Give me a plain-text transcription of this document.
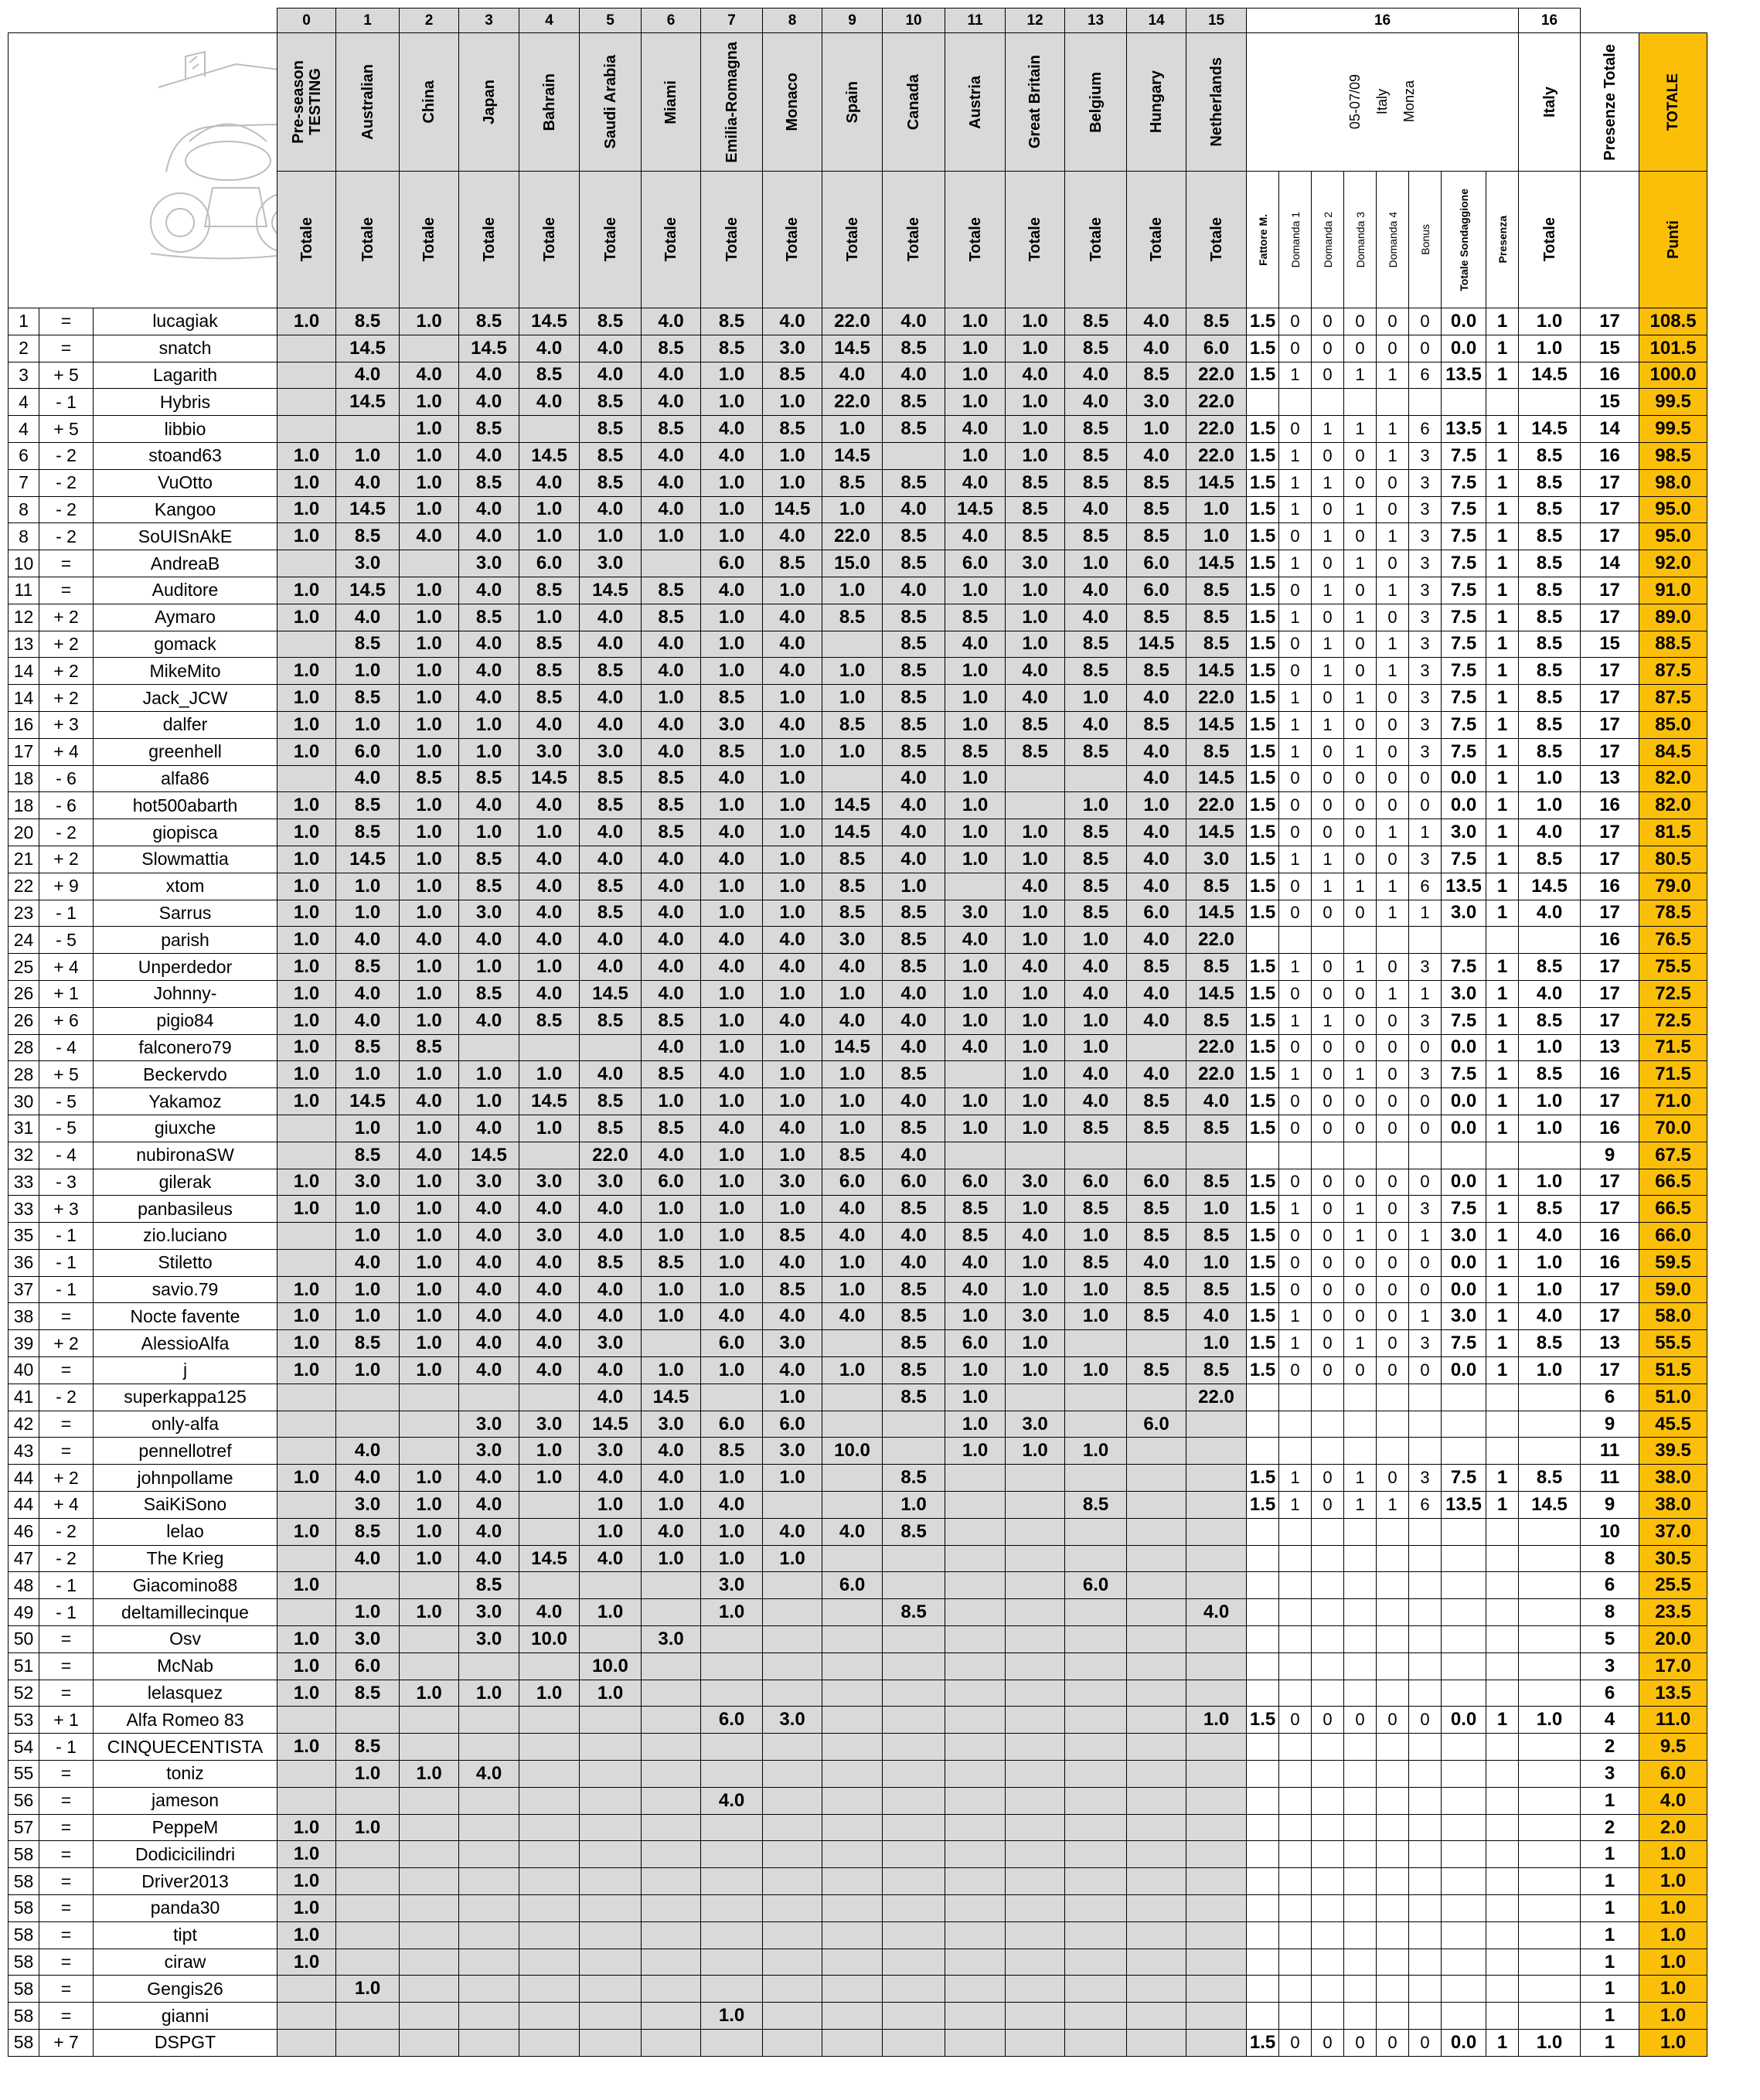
			0	1	2	3	4	5	6	7	8	9	10	11	12	13	14	15	16								16		

Pre-season
TESTING	Australian	China	Japan	Bahrain	Saudi Arabia	Miami	Emilia-Romagna	Monaco	Spain	Canada	Austria	Great Britain	Belgium	Hungary	Netherlands	05-07/09 Italy Monza								Italy	Presenze Totale	TOTALE

			Totale	Totale	Totale	Totale	Totale	Totale	Totale	Totale	Totale	Totale	Totale	Totale	Totale	Totale	Totale	Totale	Fattore M.	Domanda 1	Domanda 2	Domanda 3	Domanda 4	Bonus	Totale Sondaggione	Presenza	Totale		Punti

1	=	lucagiak	1.0	8.5	1.0	8.5	14.5	8.5	4.0	8.5	4.0	22.0	4.0	1.0	1.0	8.5	4.0	8.5	1.5	0	0	0	0	0	0.0	1	1.0	17	108.5
2	=	snatch		14.5		14.5	4.0	4.0	8.5	8.5	3.0	14.5	8.5	1.0	1.0	8.5	4.0	6.0	1.5	0	0	0	0	0	0.0	1	1.0	15	101.5
3	+ 5	Lagarith		4.0	4.0	4.0	8.5	4.0	4.0	1.0	8.5	4.0	4.0	1.0	4.0	4.0	8.5	22.0	1.5	1	0	1	1	6	13.5	1	14.5	16	100.0
4	- 1	Hybris		14.5	1.0	4.0	4.0	8.5	4.0	1.0	1.0	22.0	8.5	1.0	1.0	4.0	3.0	22.0										15	99.5
4	+ 5	libbio			1.0	8.5		8.5	8.5	4.0	8.5	1.0	8.5	4.0	1.0	8.5	1.0	22.0	1.5	0	1	1	1	6	13.5	1	14.5	14	99.5
6	- 2	stoand63	1.0	1.0	1.0	4.0	14.5	8.5	4.0	4.0	1.0	14.5		1.0	1.0	8.5	4.0	22.0	1.5	1	0	0	1	3	7.5	1	8.5	16	98.5
7	- 2	VuOtto	1.0	4.0	1.0	8.5	4.0	8.5	4.0	1.0	1.0	8.5	8.5	4.0	8.5	8.5	8.5	14.5	1.5	1	1	0	0	3	7.5	1	8.5	17	98.0
8	- 2	Kangoo	1.0	14.5	1.0	4.0	1.0	4.0	4.0	1.0	14.5	1.0	4.0	14.5	8.5	4.0	8.5	1.0	1.5	1	0	1	0	3	7.5	1	8.5	17	95.0
8	- 2	SoUISnAkE	1.0	8.5	4.0	4.0	1.0	1.0	1.0	1.0	4.0	22.0	8.5	4.0	8.5	8.5	8.5	1.0	1.5	0	1	0	1	3	7.5	1	8.5	17	95.0
10	=	AndreaB		3.0		3.0	6.0	3.0		6.0	8.5	15.0	8.5	6.0	3.0	1.0	6.0	14.5	1.5	1	0	1	0	3	7.5	1	8.5	14	92.0
11	=	Auditore	1.0	14.5	1.0	4.0	8.5	14.5	8.5	4.0	1.0	1.0	4.0	1.0	1.0	4.0	6.0	8.5	1.5	0	1	0	1	3	7.5	1	8.5	17	91.0
12	+ 2	Aymaro	1.0	4.0	1.0	8.5	1.0	4.0	8.5	1.0	4.0	8.5	8.5	8.5	1.0	4.0	8.5	8.5	1.5	1	0	1	0	3	7.5	1	8.5	17	89.0
13	+ 2	gomack		8.5	1.0	4.0	8.5	4.0	4.0	1.0	4.0		8.5	4.0	1.0	8.5	14.5	8.5	1.5	0	1	0	1	3	7.5	1	8.5	15	88.5
14	+ 2	MikeMito	1.0	1.0	1.0	4.0	8.5	8.5	4.0	1.0	4.0	1.0	8.5	1.0	4.0	8.5	8.5	14.5	1.5	0	1	0	1	3	7.5	1	8.5	17	87.5
14	+ 2	Jack_JCW	1.0	8.5	1.0	4.0	8.5	4.0	1.0	8.5	1.0	1.0	8.5	1.0	4.0	1.0	4.0	22.0	1.5	1	0	1	0	3	7.5	1	8.5	17	87.5
16	+ 3	dalfer	1.0	1.0	1.0	1.0	4.0	4.0	4.0	3.0	4.0	8.5	8.5	1.0	8.5	4.0	8.5	14.5	1.5	1	1	0	0	3	7.5	1	8.5	17	85.0
17	+ 4	greenhell	1.0	6.0	1.0	1.0	3.0	3.0	4.0	8.5	1.0	1.0	8.5	8.5	8.5	8.5	4.0	8.5	1.5	1	0	1	0	3	7.5	1	8.5	17	84.5
18	- 6	alfa86		4.0	8.5	8.5	14.5	8.5	8.5	4.0	1.0		4.0	1.0			4.0	14.5	1.5	0	0	0	0	0	0.0	1	1.0	13	82.0
18	- 6	hot500abarth	1.0	8.5	1.0	4.0	4.0	8.5	8.5	1.0	1.0	14.5	4.0	1.0		1.0	1.0	22.0	1.5	0	0	0	0	0	0.0	1	1.0	16	82.0
20	- 2	giopisca	1.0	8.5	1.0	1.0	1.0	4.0	8.5	4.0	1.0	14.5	4.0	1.0	1.0	8.5	4.0	14.5	1.5	0	0	0	1	1	3.0	1	4.0	17	81.5
21	+ 2	Slowmattia	1.0	14.5	1.0	8.5	4.0	4.0	4.0	4.0	1.0	8.5	4.0	1.0	1.0	8.5	4.0	3.0	1.5	1	1	0	0	3	7.5	1	8.5	17	80.5
22	+ 9	xtom	1.0	1.0	1.0	8.5	4.0	8.5	4.0	1.0	1.0	8.5	1.0		4.0	8.5	4.0	8.5	1.5	0	1	1	1	6	13.5	1	14.5	16	79.0
23	- 1	Sarrus	1.0	1.0	1.0	3.0	4.0	8.5	4.0	1.0	1.0	8.5	8.5	3.0	1.0	8.5	6.0	14.5	1.5	0	0	0	1	1	3.0	1	4.0	17	78.5
24	- 5	parish	1.0	4.0	4.0	4.0	4.0	4.0	4.0	4.0	4.0	3.0	8.5	4.0	1.0	1.0	4.0	22.0										16	76.5
25	+ 4	Unperdedor	1.0	8.5	1.0	1.0	1.0	4.0	4.0	4.0	4.0	4.0	8.5	1.0	4.0	4.0	8.5	8.5	1.5	1	0	1	0	3	7.5	1	8.5	17	75.5
26	+ 1	Johnny-	1.0	4.0	1.0	8.5	4.0	14.5	4.0	1.0	1.0	1.0	4.0	1.0	1.0	4.0	4.0	14.5	1.5	0	0	0	1	1	3.0	1	4.0	17	72.5
26	+ 6	pigio84	1.0	4.0	1.0	4.0	8.5	8.5	8.5	1.0	4.0	4.0	4.0	1.0	1.0	1.0	4.0	8.5	1.5	1	1	0	0	3	7.5	1	8.5	17	72.5
28	- 4	falconero79	1.0	8.5	8.5				4.0	1.0	1.0	14.5	4.0	4.0	1.0	1.0		22.0	1.5	0	0	0	0	0	0.0	1	1.0	13	71.5
28	+ 5	Beckervdo	1.0	1.0	1.0	1.0	1.0	4.0	8.5	4.0	1.0	1.0	8.5		1.0	4.0	4.0	22.0	1.5	1	0	1	0	3	7.5	1	8.5	16	71.5
30	- 5	Yakamoz	1.0	14.5	4.0	1.0	14.5	8.5	1.0	1.0	1.0	1.0	4.0	1.0	1.0	4.0	8.5	4.0	1.5	0	0	0	0	0	0.0	1	1.0	17	71.0
31	- 5	giuxche		1.0	1.0	4.0	1.0	8.5	8.5	4.0	4.0	1.0	8.5	1.0	1.0	8.5	8.5	8.5	1.5	0	0	0	0	0	0.0	1	1.0	16	70.0
32	- 4	nubironaSW		8.5	4.0	14.5		22.0	4.0	1.0	1.0	8.5	4.0															9	67.5
33	- 3	gilerak	1.0	3.0	1.0	3.0	3.0	3.0	6.0	1.0	3.0	6.0	6.0	6.0	3.0	6.0	6.0	8.5	1.5	0	0	0	0	0	0.0	1	1.0	17	66.5
33	+ 3	panbasileus	1.0	1.0	1.0	4.0	4.0	4.0	1.0	1.0	1.0	4.0	8.5	8.5	1.0	8.5	8.5	1.0	1.5	1	0	1	0	3	7.5	1	8.5	17	66.5
35	- 1	zio.luciano		1.0	1.0	4.0	3.0	4.0	1.0	1.0	8.5	4.0	4.0	8.5	4.0	1.0	8.5	8.5	1.5	0	0	1	0	1	3.0	1	4.0	16	66.0
36	- 1	Stiletto		4.0	1.0	4.0	4.0	8.5	8.5	1.0	4.0	1.0	4.0	4.0	1.0	8.5	4.0	1.0	1.5	0	0	0	0	0	0.0	1	1.0	16	59.5
37	- 1	savio.79	1.0	1.0	1.0	4.0	4.0	4.0	1.0	1.0	8.5	1.0	8.5	4.0	1.0	1.0	8.5	8.5	1.5	0	0	0	0	0	0.0	1	1.0	17	59.0
38	=	Nocte favente	1.0	1.0	1.0	4.0	4.0	4.0	1.0	4.0	4.0	4.0	8.5	1.0	3.0	1.0	8.5	4.0	1.5	1	0	0	0	1	3.0	1	4.0	17	58.0
39	+ 2	AlessioAlfa	1.0	8.5	1.0	4.0	4.0	3.0		6.0	3.0		8.5	6.0	1.0			1.0	1.5	1	0	1	0	3	7.5	1	8.5	13	55.5
40	=	j	1.0	1.0	1.0	4.0	4.0	4.0	1.0	1.0	4.0	1.0	8.5	1.0	1.0	1.0	8.5	8.5	1.5	0	0	0	0	0	0.0	1	1.0	17	51.5
41	- 2	superkappa125						4.0	14.5		1.0		8.5	1.0				22.0										6	51.0
42	=	only-alfa				3.0	3.0	14.5	3.0	6.0	6.0			1.0	3.0		6.0											9	45.5
43	=	pennellotref		4.0		3.0	1.0	3.0	4.0	8.5	3.0	10.0		1.0	1.0	1.0												11	39.5
44	+ 2	johnpollame	1.0	4.0	1.0	4.0	1.0	4.0	4.0	1.0	1.0		8.5						1.5	1	0	1	0	3	7.5	1	8.5	11	38.0
44	+ 4	SaiKiSono		3.0	1.0	4.0		1.0	1.0	4.0			1.0			8.5			1.5	1	0	1	1	6	13.5	1	14.5	9	38.0
46	- 2	lelao	1.0	8.5	1.0	4.0		1.0	4.0	1.0	4.0	4.0	8.5															10	37.0
47	- 2	The Krieg		4.0	1.0	4.0	14.5	4.0	1.0	1.0	1.0																	8	30.5
48	- 1	Giacomino88	1.0			8.5				3.0		6.0				6.0												6	25.5
49	- 1	deltamillecinque		1.0	1.0	3.0	4.0	1.0		1.0			8.5					4.0										8	23.5
50	=	Osv	1.0	3.0		3.0	10.0		3.0																			5	20.0
51	=	McNab	1.0	6.0				10.0																				3	17.0
52	=	lelasquez	1.0	8.5	1.0	1.0	1.0	1.0																				6	13.5
53	+ 1	Alfa Romeo 83								6.0	3.0							1.0	1.5	0	0	0	0	0	0.0	1	1.0	4	11.0
54	- 1	CINQUECENTISTA	1.0	8.5																								2	9.5
55	=	toniz		1.0	1.0	4.0																						3	6.0
56	=	jameson								4.0																		1	4.0
57	=	PeppeM	1.0	1.0																								2	2.0
58	=	Dodicicilindri	1.0																									1	1.0
58	=	Driver2013	1.0																									1	1.0
58	=	panda30	1.0																									1	1.0
58	=	tipt	1.0																									1	1.0
58	=	ciraw	1.0																									1	1.0
58	=	Gengis26		1.0																								1	1.0
58	=	gianni								1.0																		1	1.0
58	+ 7	DSPGT																	1.5	0	0	0	0	0	0.0	1	1.0	1	1.0
